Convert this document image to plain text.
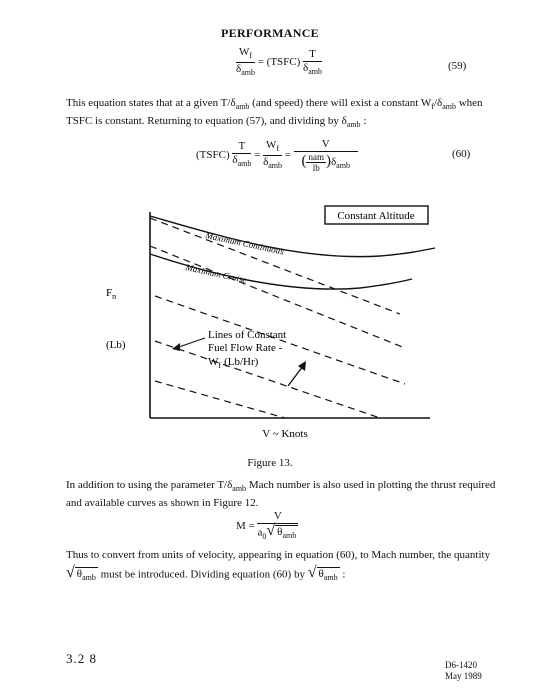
PERFORMANCE
$\frac{W_f}{\delta_{amb}}$ = (TSFC) $\frac{T}{\delta_{amb}}$	(59)
This equation states that at a given $T/\delta_{amb}$ (and speed) there will exist a constant $W_f/\delta_{amb}$ when
TSFC is constant. Returning to equation (57), and dividing by $\delta_{amb}$ :
(TSFC) $\frac{T}{\delta_{amb}} = \frac{W_f}{\delta_{amb}} = \frac{V}{( \frac{\text{nam}}{lb} )\delta_{amb}}$	(60)
Constant Altitude
Maximum Continuous
Maximum Cruise
$F_n$
(Lb)
Lines of Constant
Fuel Flow Rate -
$W_f$ (Lb/Hr)
V ~ Knots
Figure 13.
In addition to using the parameter $T/\delta_{amb}$ Mach number is also used in plotting the thrust required
and available curves as shown in Figure 12.
$M = \frac{V}{a_0√ \theta_{amb}}$
Thus to convert from units of velocity, appearing in equation (60), to Mach number, the quantity
√ $\theta_{amb}$ must be introduced. Dividing equation (60) by √ $\theta_{amb}$ :
3.2 8	D6-1420
May 1989
